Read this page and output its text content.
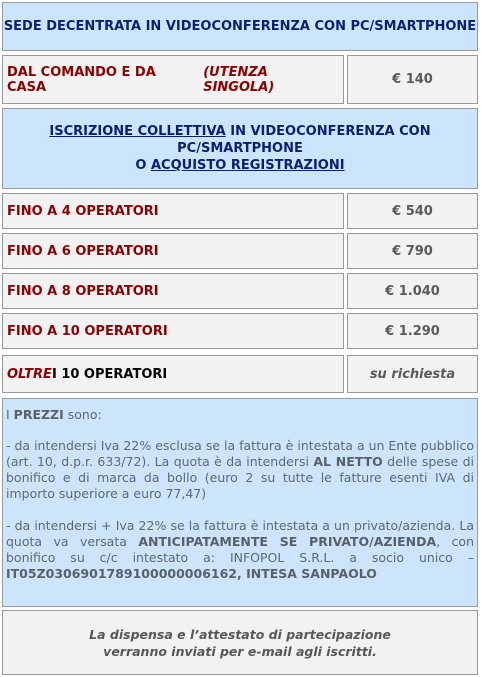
SEDE DECENTRATA IN VIDEOCONFERENZA CON PC/SMARTPHONE
DAL COMANDO E DA CASA

(UTENZA SINGOLA)	€ 140
ISCRIZIONE COLLETTIVA IN VIDEOCONFERENZA CON
PC/SMARTPHONE
O ACQUISTO REGISTRAZIONI
FINO A 4 OPERATORI	€ 540
FINO A 6 OPERATORI	€ 790
FINO A 8 OPERATORI	€ 1.040
FINO A 10 OPERATORI	€ 1.290
OLTRE I 10 OPERATORI	su richiesta

I PREZZI sono:

- da intendersi Iva 22% esclusa se la fattura è intestata a un Ente pubblico (art. 10, d.p.r. 633/72). La quota è da intendersi AL NETTO delle spese di bonifico e di marca da bollo (euro 2 su tutte le fatture esenti IVA di importo superiore a euro 77,47)

- da intendersi + Iva 22% se la fattura è intestata a un privato/azienda. La quota va versata ANTICIPATAMENTE SE PRIVATO/AZIENDA, con bonifico su c/c intestato a: INFOPOL S.R.L. a socio unico – IT05Z0306901789100000006162, INTESA SANPAOLO

La dispensa e l’attestato di partecipazione
verranno inviati per e-mail agli iscritti.
